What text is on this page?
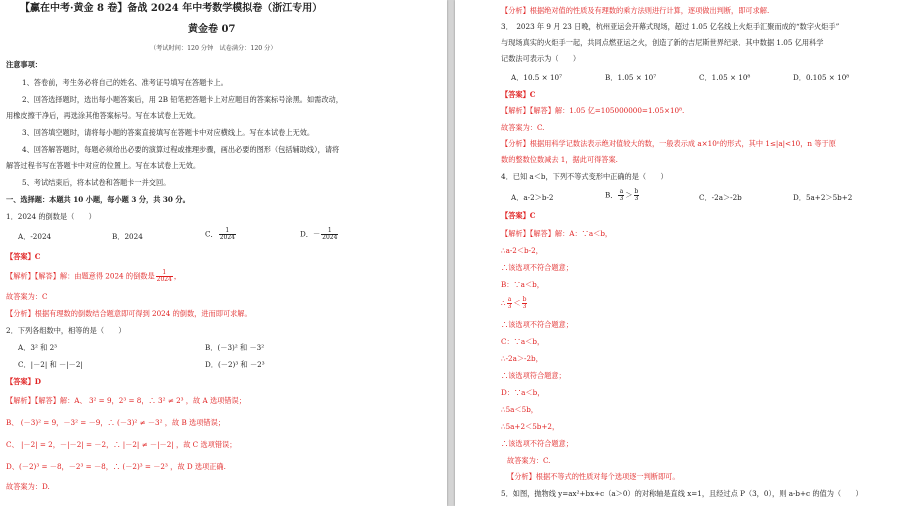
【赢在中考·黄金 8 卷】备战 2024 年中考数学模拟卷（浙江专用）
黄金卷 07
（考试时间：120 分钟　试卷满分：120 分）
注意事项：
1、答卷前，考生务必将自己的姓名、准考证号填写在答题卡上。
2、回答选择题时，选出每小题答案后，用 2B 铅笔把答题卡上对应题目的答案标号涂黑。如需改动，
用橡皮擦干净后，再选涂其他答案标号。写在本试卷上无效。
3、回答填空题时，请将每小题的答案直接填写在答题卡中对应横线上。写在本试卷上无效。
4、回答解答题时，每题必须给出必要的演算过程或推理步骤，画出必要的图形（包括辅助线），请将
解答过程书写在答题卡中对应的位置上。写在本试卷上无效。
5、考试结束后，将本试卷和答题卡一并交回。
一、选择题：本题共 10 小题，每小题 3 分，共 30 分。
1．2024 的倒数是（　　）
A．-2024	B．2024	C． $\frac{1}{2024}$	D．－ $\frac{1}{2024}$
【答案】C
【解析】【解答】解：由题意得 2024 的倒数是 $\frac{1}{2024}$ ，
故答案为：C
【分析】根据有理数的倒数结合题意即可得到 2024 的倒数，进而即可求解。
2．下列各组数中，相等的是（　　）
A．3² 和 2³	B．(－3)² 和 －3²
C．|－2| 和 －|－2|	D．(－2)³ 和 －2³
【答案】D
【解析】【解答】解：A、 3² = 9，2³ = 8，∴ 3² ≠ 2³ ，故 A 选项错误；
B、 (－3)² = 9，－3² = －9，∴ (－3)² ≠ －3² ，故 B 选项错误；
C、 |－2| = 2，－|－2| = －2，∴ |－2| ≠ －|－2| ，故 C 选项错误；
D、(－2)³ = －8，－2³ = －8，∴ (－2)³ = －2³ ，故 D 选项正确.
故答案为：D.
【分析】根据绝对值的性质及有理数的乘方法则进行计算，逐项做出判断，即可求解.
3．　2023 年 9 月 23 日晚，杭州亚运会开幕式现场，超过 1.05 亿名线上火炬手汇聚而成的“数字火炬手”
与现场真实的火炬手一起，共同点燃亚运之火，创造了新的吉尼斯世界纪录．其中数据 1.05 亿用科学
记数法可表示为（　　）
A．10.5 × 10⁷	B．1.05 × 10⁷	C．1.05 × 10⁸	D．0.105 × 10⁸
【答案】C
【解析】【解答】解：1.05 亿=105000000=1.05×10⁸.
故答案为：C.
【分析】根据用科学记数法表示绝对值较大的数，一般表示成 a×10ⁿ的形式，其中 1≤|a|<10，n 等于原
数的整数位数减去 1，据此可得答案.
4．已知 a＜b，下列不等式变形中正确的是（　　）
A．a-2＞b-2	B． $\frac{a}{3} > \frac{b}{3}$	C．-2a＞-2b	D．5a+2＞5b+2
【答案】C
【解析】【解答】解：A：∵a＜b，
∴a-2＜b-2，
∴该选项不符合题意；
B：∵a＜b，
∴ $\frac{a}{3} < \frac{b}{3}$
∴该选项不符合题意；
C：∵a＜b，
∴-2a＞-2b，
∴该选项符合题意；
D：∵a＜b，
∴5a＜5b，
∴5a+2＜5b+2，
∴该选项不符合题意；
故答案为：C.
【分析】根据不等式的性质对每个选项逐一判断即可。
5．如图，抛物线 y=ax²+bx+c（a＞0）的对称轴是直线 x=1，且经过点 P（3，0），则 a-b+c 的值为（　　）
